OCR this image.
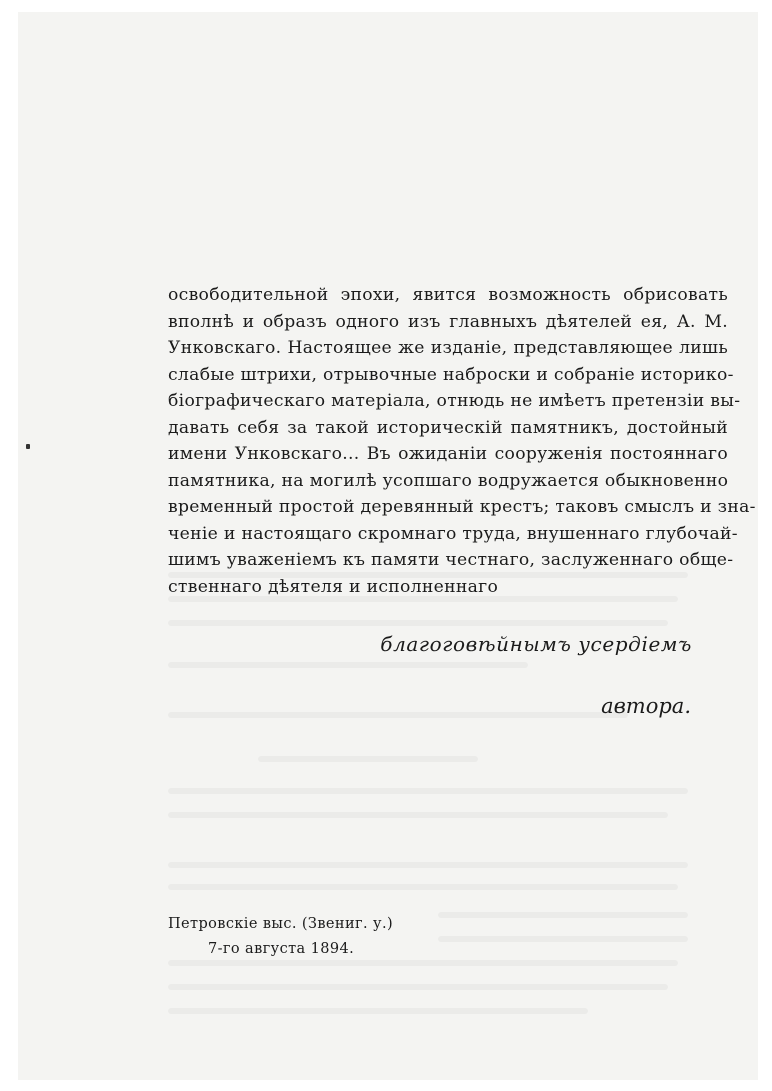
освободительной эпохи, явится возможность обрисовать
вполнѣ и образъ одного изъ главныхъ дѣятелей ея, А. М.
Унковскаго. Настоящее же изданіе, представляющее лишь
слабые штрихи, отрывочные наброски и собраніе историко-
біографическаго матеріала, отнюдь не имѣетъ претензіи вы-
давать себя за такой историческій памятникъ, достойный
имени Унковскаго... Въ ожиданіи сооруженія постояннаго
памятника, на могилѣ усопшаго водружается обыкновенно
временный простой деревянный крестъ; таковъ смыслъ и зна-
ченіе и настоящаго скромнаго труда, внушеннаго глубочай-
шимъ уваженіемъ къ памяти честнаго, заслуженнаго обще-
ственнаго дѣятеля и исполненнаго
благоговѣйнымъ усердіемъ
автора.
Петровскіе выс. (Звениг. у.)
7-го августа 1894.
